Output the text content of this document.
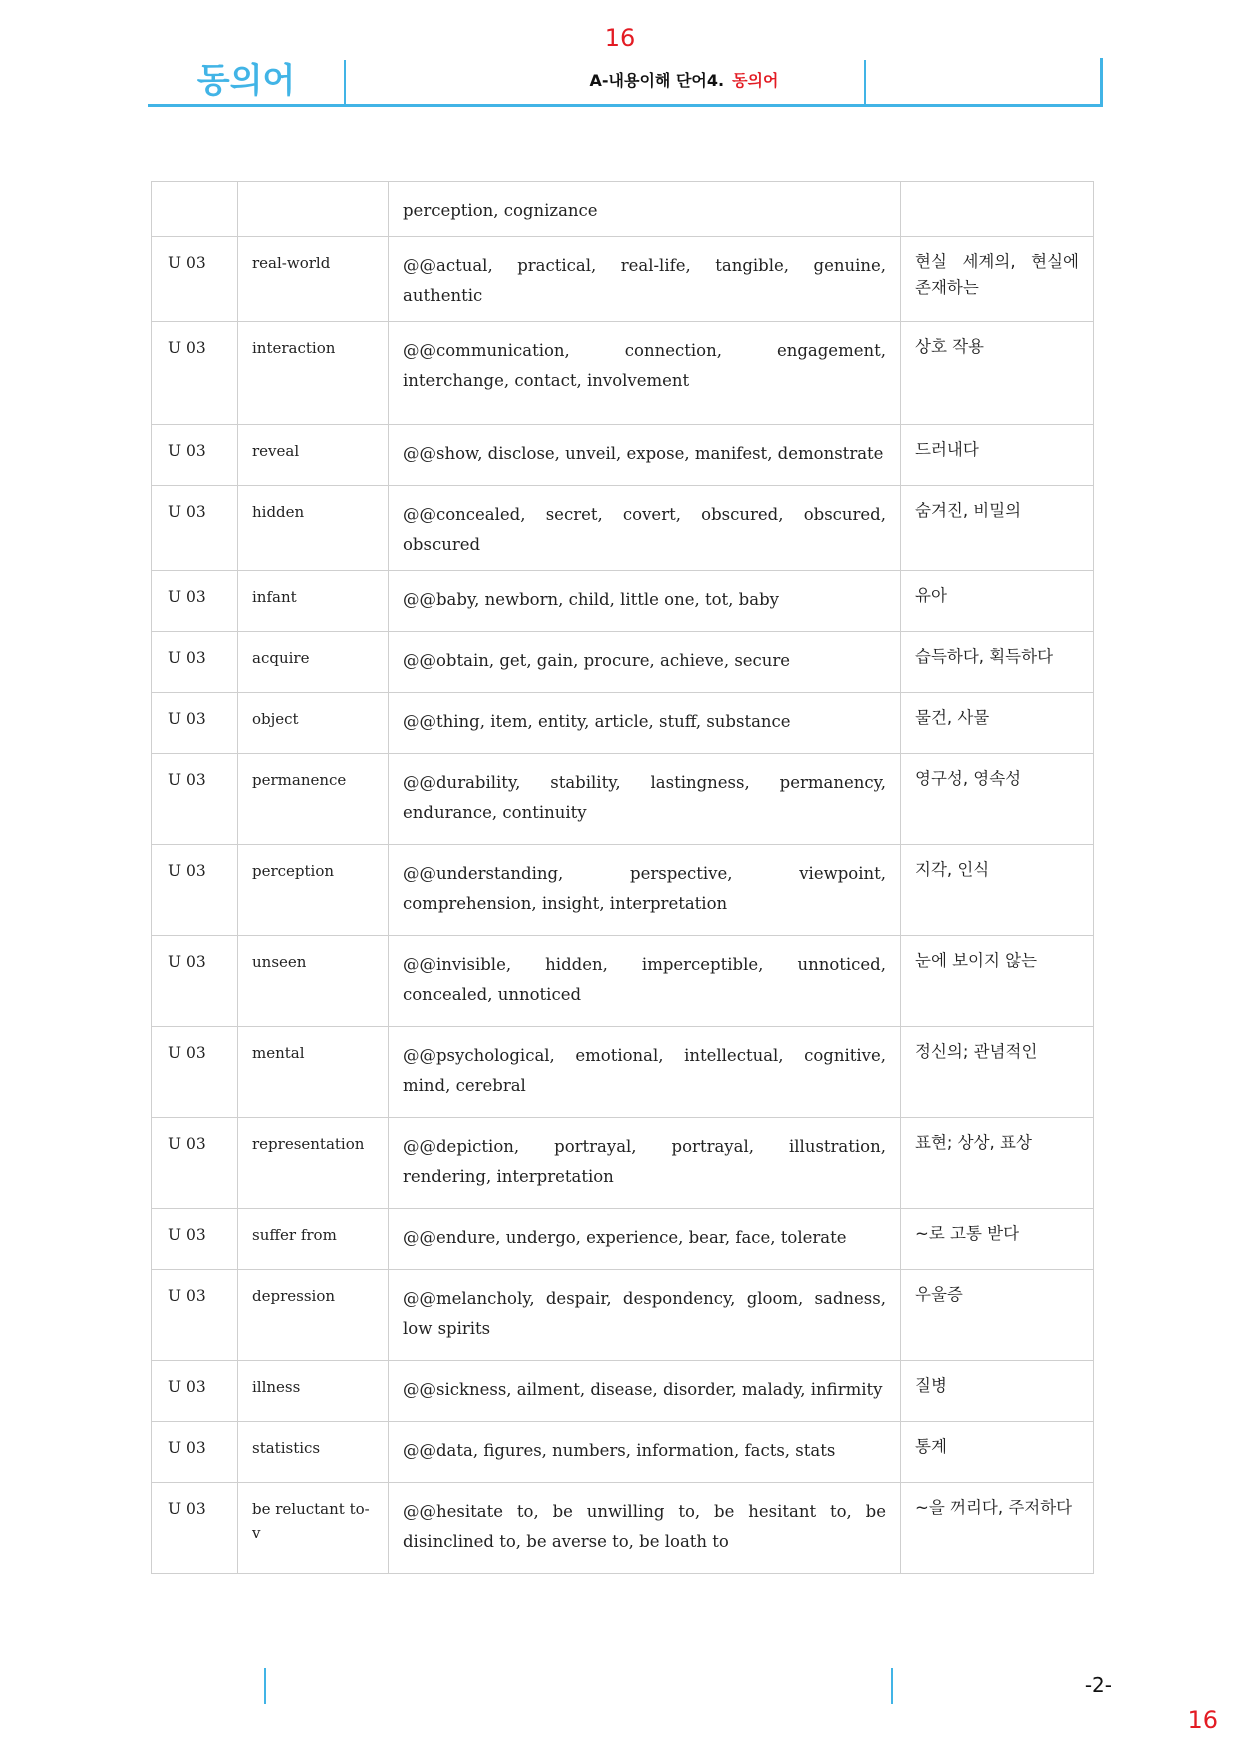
16
동의어	A-내용이해 단어4. 동의어
		perception, cognizance	
U 03	real-world	@@actual, practical, real-life, tangible, genuine, authentic	현실 세계의, 현실에 존재하는
U 03	interaction	@@communication, connection, engagement, interchange, contact, involvement	상호 작용
U 03	reveal	@@show, disclose, unveil, expose, manifest, demonstrate	드러내다
U 03	hidden	@@concealed, secret, covert, obscured, obscured, obscured	숨겨진, 비밀의
U 03	infant	@@baby, newborn, child, little one, tot, baby	유아
U 03	acquire	@@obtain, get, gain, procure, achieve, secure	습득하다, 획득하다
U 03	object	@@thing, item, entity, article, stuff, substance	물건, 사물
U 03	permanence	@@durability, stability, lastingness, permanency, endurance, continuity	영구성, 영속성
U 03	perception	@@understanding, perspective, viewpoint, comprehension, insight, interpretation	지각, 인식
U 03	unseen	@@invisible, hidden, imperceptible, unnoticed, concealed, unnoticed	눈에 보이지 않는
U 03	mental	@@psychological, emotional, intellectual, cognitive, mind, cerebral	정신의; 관념적인
U 03	representation	@@depiction, portrayal, portrayal, illustration, rendering, interpretation	표현; 상상, 표상
U 03	suffer from	@@endure, undergo, experience, bear, face, tolerate	~로 고통 받다
U 03	depression	@@melancholy, despair, despondency, gloom, sadness, low spirits	우울증
U 03	illness	@@sickness, ailment, disease, disorder, malady, infirmity	질병
U 03	statistics	@@data, figures, numbers, information, facts, stats	통계
U 03	be reluctant to-v	@@hesitate to, be unwilling to, be hesitant to, be disinclined to, be averse to, be loath to	~을 꺼리다, 주저하다
-2-
16
